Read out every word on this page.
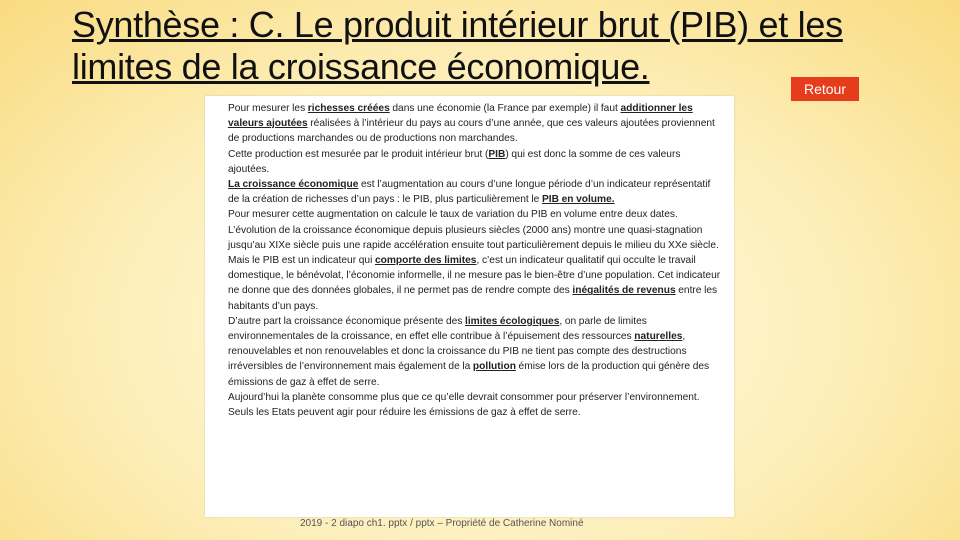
Synthèse : C. Le produit intérieur brut (PIB) et les limites de la croissance économique.
Retour

Pour mesurer les richesses créées dans une économie (la France par exemple) il faut additionner les valeurs ajoutées réalisées à l’intérieur du pays au cours d’une année, que ces valeurs ajoutées proviennent de productions marchandes ou de productions non marchandes.

Cette production est mesurée par le produit intérieur brut (PIB) qui est donc la somme de ces valeurs ajoutées.

La croissance économique est l’augmentation au cours d’une longue période d’un indicateur représentatif de la création de richesses d’un pays : le PIB, plus particulièrement le PIB en volume.

Pour mesurer cette augmentation on calcule le taux de variation du PIB en volume entre deux dates.

L’évolution de la croissance économique depuis plusieurs siècles (2000 ans) montre une quasi-stagnation jusqu’au XIXe siècle puis une rapide accélération ensuite tout particulièrement depuis le milieu du XXe siècle.

Mais le PIB est un indicateur qui comporte des limites, c’est un indicateur qualitatif qui occulte le travail domestique, le bénévolat, l’économie informelle, il ne mesure pas le bien-être d’une population. Cet indicateur ne donne que des données globales, il ne permet pas de rendre compte des inégalités de revenus entre les habitants d’un pays.

D’autre part la croissance économique présente des limites écologiques, on parle de limites environnementales de la croissance, en effet elle contribue à l’épuisement des ressources naturelles, renouvelables et non renouvelables et donc la croissance du PIB ne tient pas compte des destructions irréversibles de l’environnement mais également de la pollution émise lors de la production qui génère des émissions de gaz à effet de serre.

Aujourd’hui la planète consomme plus que ce qu’elle devrait consommer pour préserver l’environnement.

Seuls les Etats peuvent agir pour réduire les émissions de gaz à effet de serre.

2019 - 2 diapo ch1. pptx / pptx – Propriété de Catherine Nominé
